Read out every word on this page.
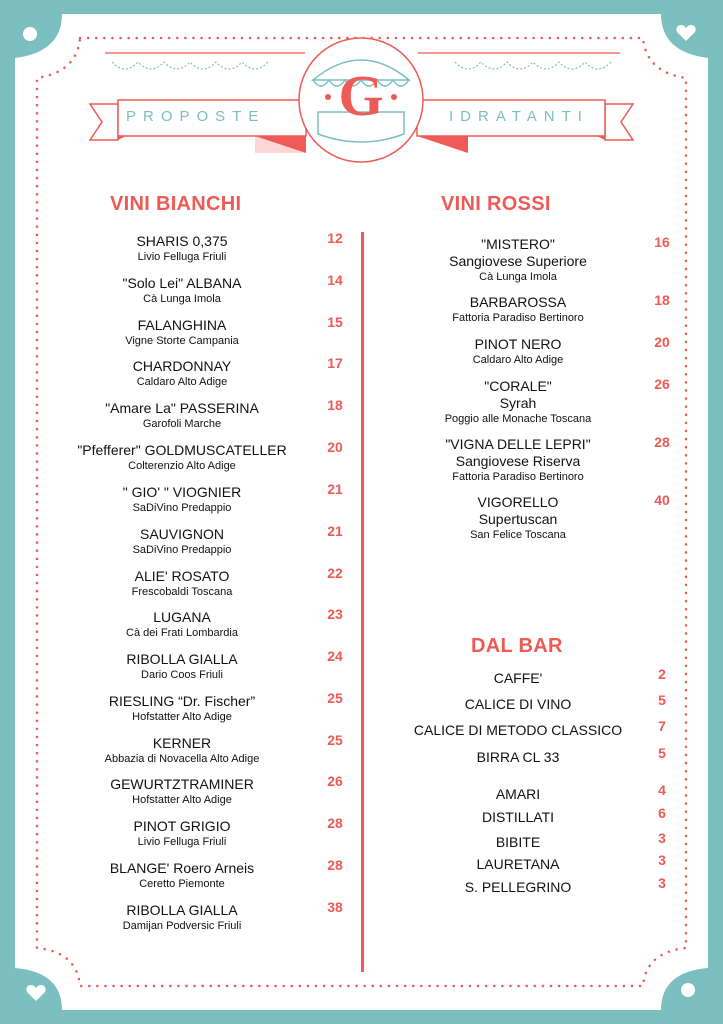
PROPOSTE	IDRATANTI
G
VINI BIANCHI	VINI ROSSI
DAL BAR
SHARIS 0,375
Livio Felluga Friuli
12
"Solo Lei" ALBANA
Cà Lunga Imola
14
FALANGHINA
Vigne Storte Campania
15
CHARDONNAY
Caldaro Alto Adige
17
"Amare La" PASSERINA
Garofoli Marche
18
"Pfefferer" GOLDMUSCATELLER
Colterenzio Alto Adige
20
" GIO' " VIOGNIER
SaDiVino Predappio
21
SAUVIGNON
SaDiVino Predappio
21
ALIE' ROSATO
Frescobaldi Toscana
22
LUGANA
Cà dei Frati Lombardia
23
RIBOLLA GIALLA
Dario Coos Friuli
24
RIESLING “Dr. Fischer”
Hofstatter Alto Adige
25
KERNER
Abbazia di Novacella Alto Adige
25
GEWURTZTRAMINER
Hofstatter Alto Adige
26
PINOT GRIGIO
Livio Felluga Friuli
28
BLANGE' Roero Arneis
Ceretto Piemonte
28
RIBOLLA GIALLA
Damijan Podversic Friuli
38
"MISTERO"
Sangiovese Superiore
Cà Lunga Imola
16
BARBAROSSA
Fattoria Paradiso Bertinoro
18
PINOT NERO
Caldaro Alto Adige
20
"CORALE"
Syrah
Poggio alle Monache Toscana
26
"VIGNA DELLE LEPRI"
Sangiovese Riserva
Fattoria Paradiso Bertinoro
28
VIGORELLO
Supertuscan
San Felice Toscana
40
CAFFE'	2
CALICE DI VINO	5
CALICE DI METODO CLASSICO	7
BIRRA CL 33	5
AMARI	4
DISTILLATI	6
BIBITE	3
LAURETANA	3
S. PELLEGRINO	3
